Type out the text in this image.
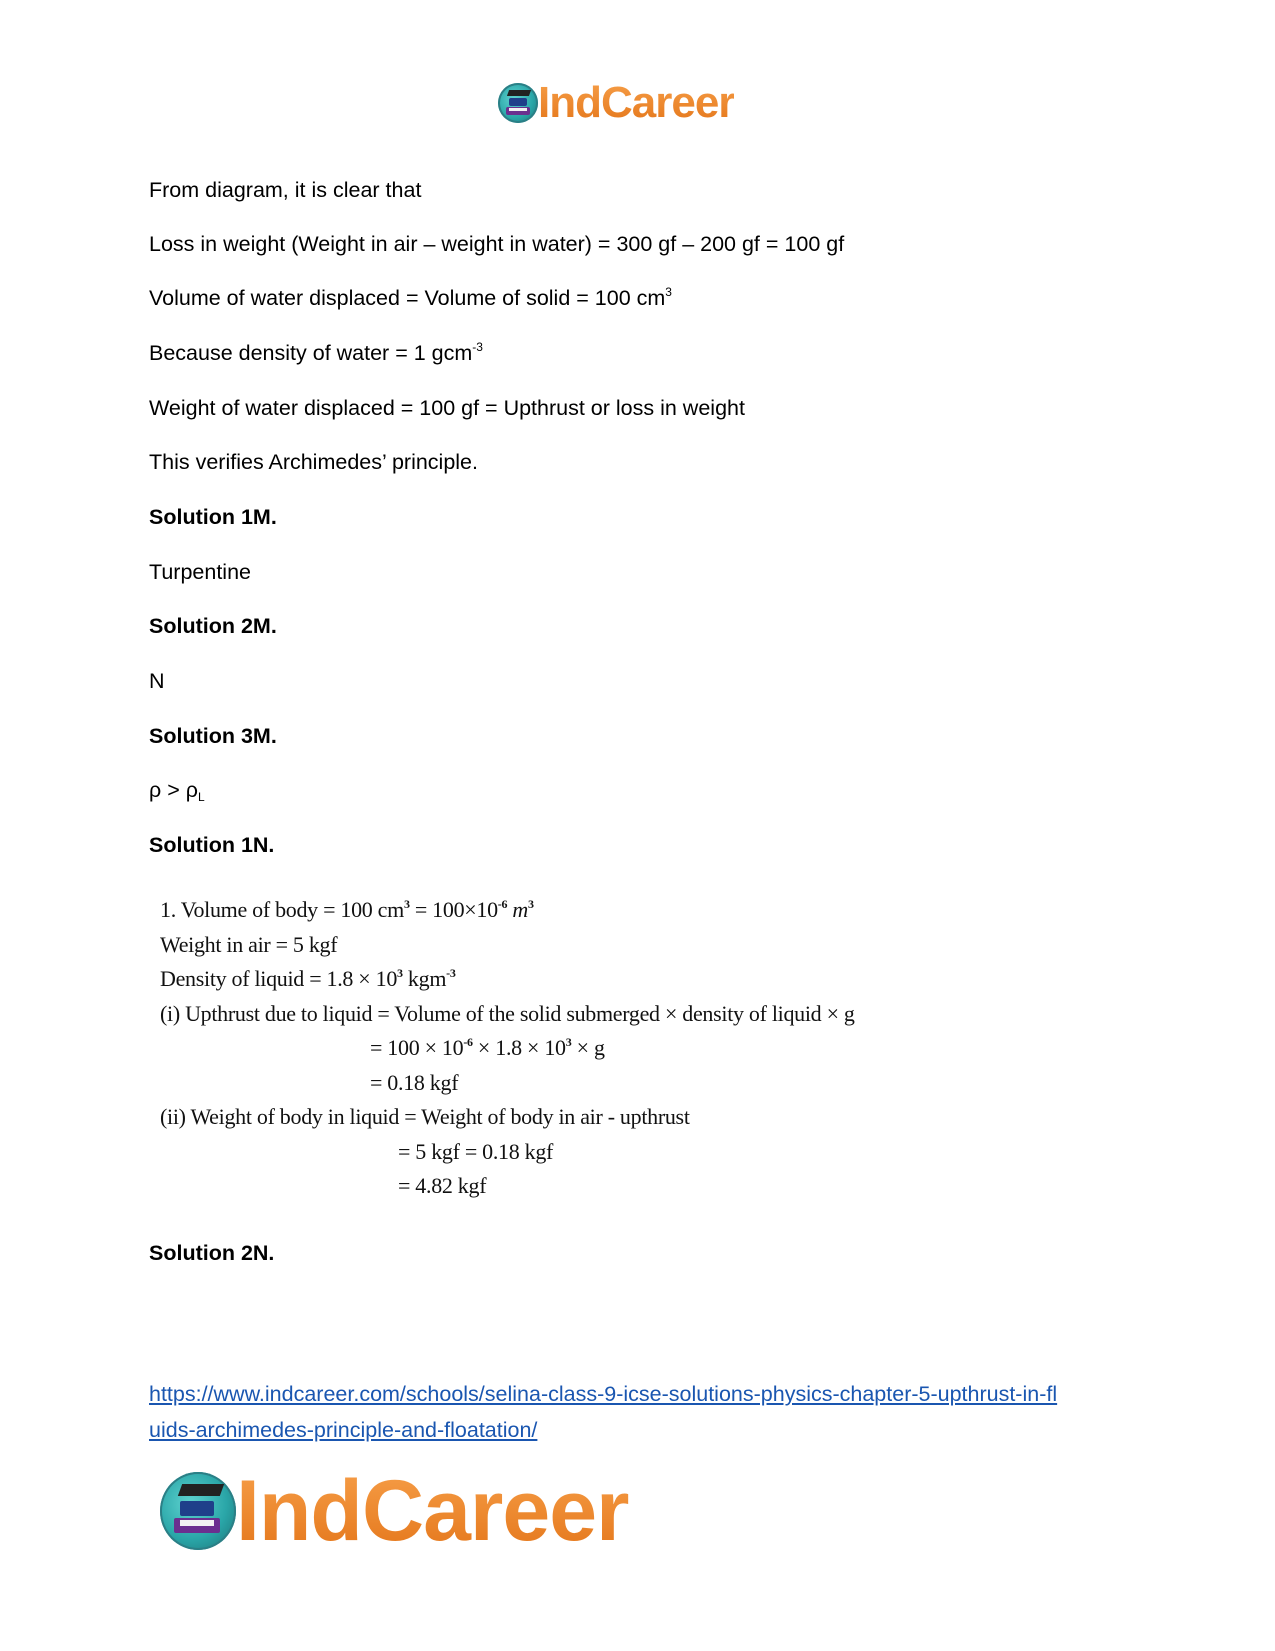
IndCareer
From diagram, it is clear that
Loss in weight (Weight in air – weight in water) = 300 gf – 200 gf = 100 gf
Volume of water displaced = Volume of solid = 100 $cm^3$
Because density of water = 1 gcm$^{-3}$
Weight of water displaced = 100 gf = Upthrust or loss in weight
This verifies Archimedes’ principle.
Solution 1M.
Turpentine
Solution 2M.
N
Solution 3M.
$\rho > \rho_L$
Solution 1N.
1. Volume of body = 100 $cm^3 = 100\times 10^{-6}$ $m^3$
Weight in air = 5 kgf
Density of liquid = $1.8 \times 10^3$ kgm$^{-3}$
(i) Upthrust due to liquid = Volume of the solid submerged × density of liquid × g
= $100 \times 10^{-6} \times 1.8 \times 10^3 \times g$
= 0.18 kgf
(ii) Weight of body in liquid = Weight of body in air - upthrust
= 5 kgf = 0.18 kgf
= 4.82 kgf
Solution 2N.
https://www.indcareer.com/schools/selina-class-9-icse-solutions-physics-chapter-5-upthrust-in-fl
uids-archimedes-principle-and-floatation/
IndCareer
